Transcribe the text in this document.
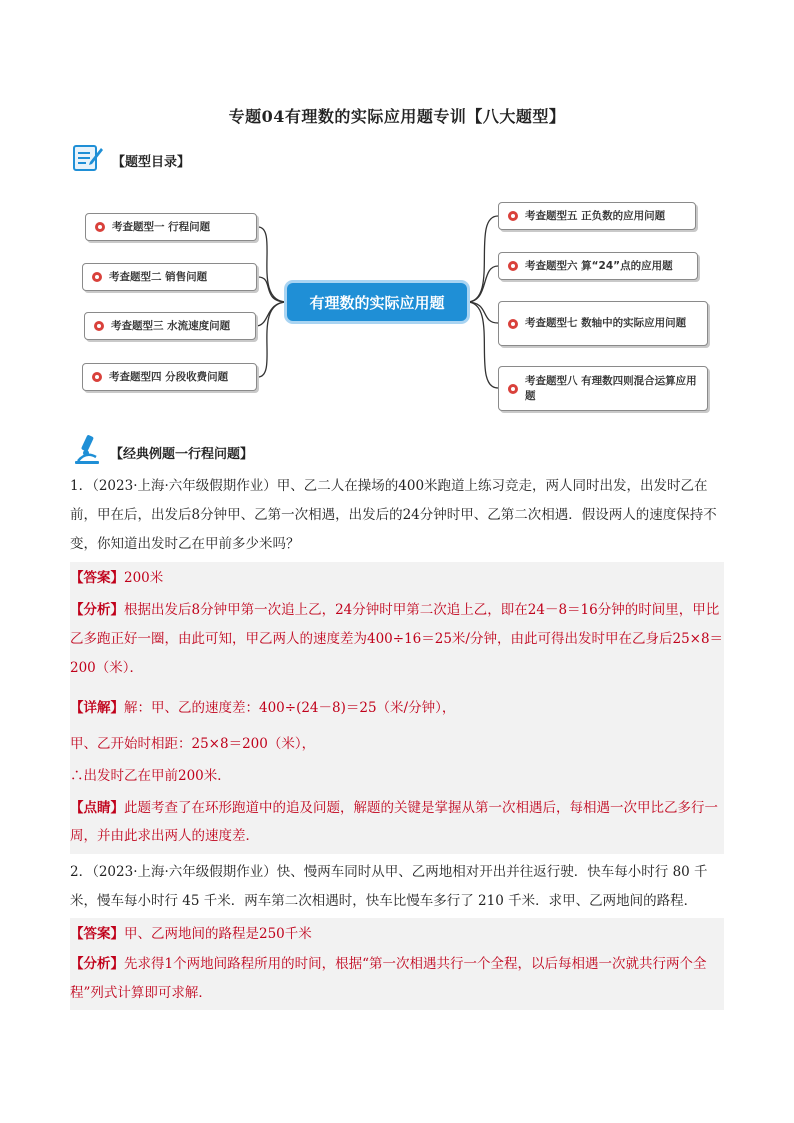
专题04有理数的实际应用题专训【八大题型】
【题型目录】
有理数的实际应用题
考查题型一 行程问题
考查题型二 销售问题
考查题型三 水流速度问题
考查题型四 分段收费问题
考查题型五 正负数的应用问题
考查题型六 算“24”点的应用题
考查题型七 数轴中的实际应用问题
考查题型八 有理数四则混合运算应用题
【经典例题一行程问题】
1．（2023·上海·六年级假期作业）甲、乙二人在操场的400米跑道上练习竞走，两人同时出发，出发时乙在前，甲在后，出发后8分钟甲、乙第一次相遇，出发后的24分钟时甲、乙第二次相遇．假设两人的速度保持不变，你知道出发时乙在甲前多少米吗？
【答案】200米
【分析】根据出发后8分钟甲第一次追上乙，24分钟时甲第二次追上乙，即在24－8＝16分钟的时间里，甲比乙多跑正好一圈，由此可知，甲乙两人的速度差为400÷16＝25米/分钟，由此可得出发时甲在乙身后25×8＝200（米）．
【详解】解：甲、乙的速度差：400÷(24－8)＝25（米/分钟），
甲、乙开始时相距：25×8＝200（米），
∴出发时乙在甲前200米．
【点睛】此题考查了在环形跑道中的追及问题，解题的关键是掌握从第一次相遇后，每相遇一次甲比乙多行一周，并由此求出两人的速度差．
2．（2023·上海·六年级假期作业）快、慢两车同时从甲、乙两地相对开出并往返行驶．快车每小时行 80 千米，慢车每小时行 45 千米．两车第二次相遇时，快车比慢车多行了 210 千米．求甲、乙两地间的路程．
【答案】甲、乙两地间的路程是250千米
【分析】先求得1个两地间路程所用的时间，根据“第一次相遇共行一个全程，以后每相遇一次就共行两个全程”列式计算即可求解．
